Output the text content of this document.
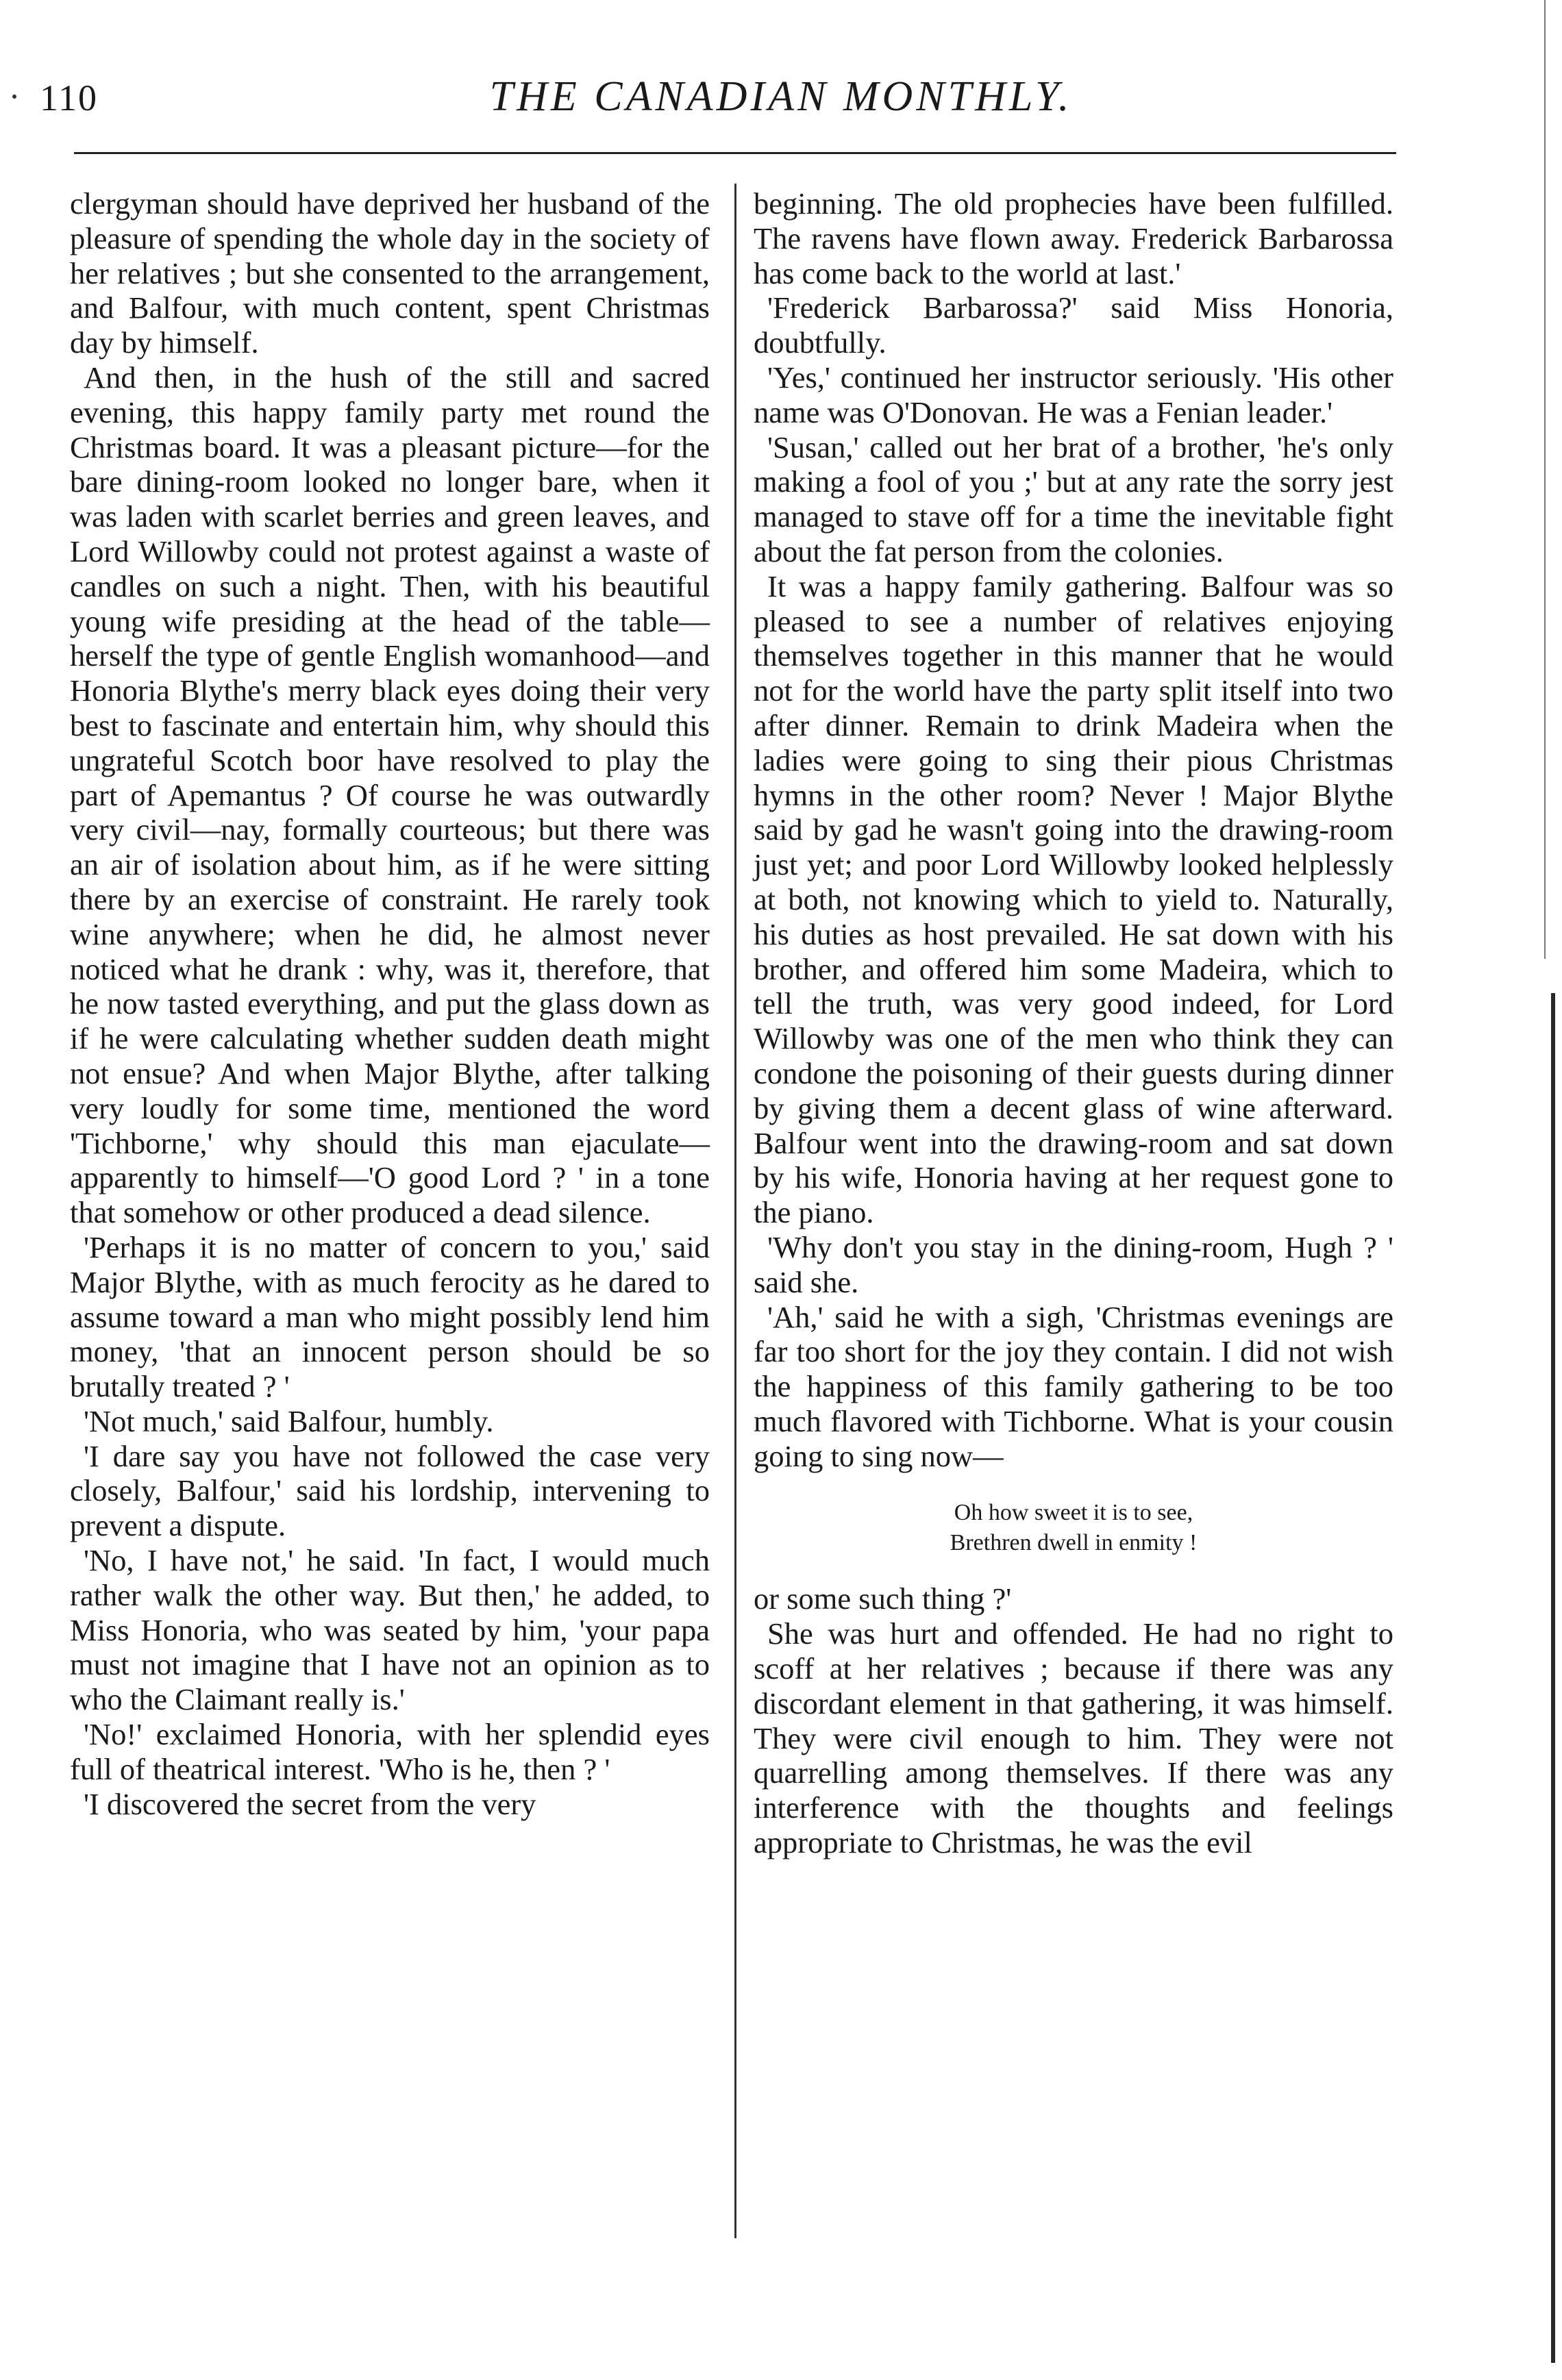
110	THE CANADIAN MONTHLY.

clergyman should have deprived her husband of the pleasure of spending the whole day in the society of her relatives ; but she consented to the arrangement, and Balfour, with much content, spent Christmas day by himself.

And then, in the hush of the still and sacred evening, this happy family party met round the Christmas board. It was a pleasant picture—for the bare dining-room looked no longer bare, when it was laden with scarlet berries and green leaves, and Lord Willowby could not protest against a waste of candles on such a night. Then, with his beautiful young wife presiding at the head of the table—herself the type of gentle English womanhood—and Honoria Blythe's merry black eyes doing their very best to fascinate and entertain him, why should this ungrateful Scotch boor have resolved to play the part of Apemantus ? Of course he was outwardly very civil—nay, formally courteous; but there was an air of isolation about him, as if he were sitting there by an exercise of constraint. He rarely took wine anywhere; when he did, he almost never noticed what he drank : why, was it, therefore, that he now tasted everything, and put the glass down as if he were calculating whether sudden death might not ensue? And when Major Blythe, after talking very loudly for some time, mentioned the word 'Tichborne,' why should this man ejaculate—apparently to himself—'O good Lord ? ' in a tone that somehow or other produced a dead silence.

'Perhaps it is no matter of concern to you,' said Major Blythe, with as much ferocity as he dared to assume toward a man who might possibly lend him money, 'that an innocent person should be so brutally treated ? '

'Not much,' said Balfour, humbly.

'I dare say you have not followed the case very closely, Balfour,' said his lordship, intervening to prevent a dispute.

'No, I have not,' he said. 'In fact, I would much rather walk the other way. But then,' he added, to Miss Honoria, who was seated by him, 'your papa must not imagine that I have not an opinion as to who the Claimant really is.'

'No!' exclaimed Honoria, with her splendid eyes full of theatrical interest. 'Who is he, then ? '

'I discovered the secret from the very

beginning. The old prophecies have been fulfilled. The ravens have flown away. Frederick Barbarossa has come back to the world at last.'

'Frederick Barbarossa?' said Miss Honoria, doubtfully.

'Yes,' continued her instructor seriously. 'His other name was O'Donovan. He was a Fenian leader.'

'Susan,' called out her brat of a brother, 'he's only making a fool of you ;' but at any rate the sorry jest managed to stave off for a time the inevitable fight about the fat person from the colonies.

It was a happy family gathering. Balfour was so pleased to see a number of relatives enjoying themselves together in this manner that he would not for the world have the party split itself into two after dinner. Remain to drink Madeira when the ladies were going to sing their pious Christmas hymns in the other room? Never ! Major Blythe said by gad he wasn't going into the drawing-room just yet; and poor Lord Willowby looked helplessly at both, not knowing which to yield to. Naturally, his duties as host prevailed. He sat down with his brother, and offered him some Madeira, which to tell the truth, was very good indeed, for Lord Willowby was one of the men who think they can condone the poisoning of their guests during dinner by giving them a decent glass of wine afterward. Balfour went into the drawing-room and sat down by his wife, Honoria having at her request gone to the piano.

'Why don't you stay in the dining-room, Hugh ? ' said she.

'Ah,' said he with a sigh, 'Christmas evenings are far too short for the joy they contain. I did not wish the happiness of this family gathering to be too much flavored with Tichborne. What is your cousin going to sing now—

Oh how sweet it is to see,
Brethren dwell in enmity !

or some such thing ?'

She was hurt and offended. He had no right to scoff at her relatives ; because if there was any discordant element in that gathering, it was himself. They were civil enough to him. They were not quarrelling among themselves. If there was any interference with the thoughts and feelings appropriate to Christmas, he was the evil
